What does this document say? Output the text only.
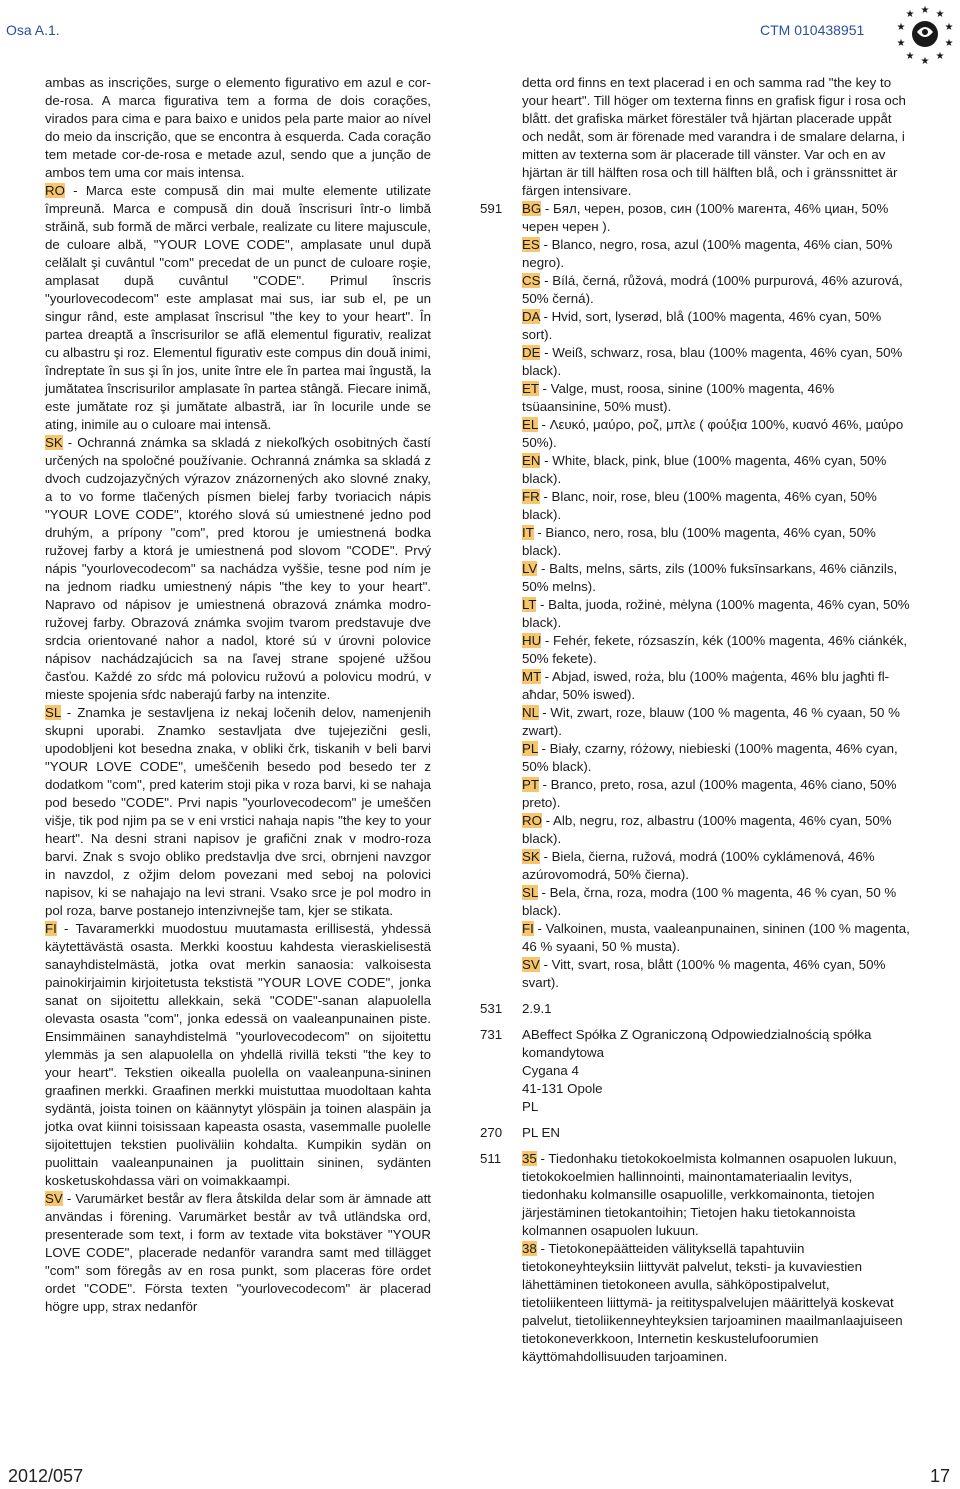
Osa A.1.	CTM 010438951
★ ★
★
★
★
★
★
★
★
★

ambas as inscrições, surge o elemento figurativo em azul e cor-de-rosa. A marca figurativa tem a forma de dois corações, virados para cima e para baixo e unidos pela parte maior ao nível do meio da inscrição, que se encontra à esquerda. Cada coração tem metade cor-de-rosa e metade azul, sendo que a junção de ambos tem uma cor mais intensa.

RO - Marca este compusă din mai multe elemente utilizate împreună. Marca e compusă din două înscrisuri într-o limbă străină, sub formă de mărci verbale, realizate cu litere majuscule, de culoare albă, "YOUR LOVE CODE", amplasate unul după celălalt şi cuvântul "com" precedat de un punct de culoare roşie, amplasat după cuvântul "CODE". Primul înscris "yourlovecodecom" este amplasat mai sus, iar sub el, pe un singur rând, este amplasat înscrisul "the key to your heart". În partea dreaptă a înscrisurilor se află elementul figurativ, realizat cu albastru şi roz. Elementul figurativ este compus din două inimi, îndreptate în sus şi în jos, unite între ele în partea mai îngustă, la jumătatea înscrisurilor amplasate în partea stângă. Fiecare inimă, este jumătate roz şi jumătate albastră, iar în locurile unde se ating, inimile au o culoare mai intensă.

SK - Ochranná známka sa skladá z niekoľkých osobitných častí určených na spoločné používanie. Ochranná známka sa skladá z dvoch cudzojazyčných výrazov znázornených ako slovné znaky, a to vo forme tlačených písmen bielej farby tvoriacich nápis "YOUR LOVE CODE", ktorého slová sú umiestnené jedno pod druhým, a prípony "com", pred ktorou je umiestnená bodka ružovej farby a ktorá je umiestnená pod slovom "CODE". Prvý nápis "yourlovecodecom" sa nachádza vyššie, tesne pod ním je na jednom riadku umiestnený nápis "the key to your heart". Napravo od nápisov je umiestnená obrazová známka modro-ružovej farby. Obrazová známka svojim tvarom predstavuje dve srdcia orientované nahor a nadol, ktoré sú v úrovni polovice nápisov nachádzajúcich sa na ľavej strane spojené užšou časťou. Každé zo sŕdc má polovicu ružovú a polovicu modrú, v mieste spojenia sŕdc naberajú farby na intenzite.

SL - Znamka je sestavljena iz nekaj ločenih delov, namenjenih skupni uporabi. Znamko sestavljata dve tujejezični gesli, upodobljeni kot besedna znaka, v obliki črk, tiskanih v beli barvi "YOUR LOVE CODE", umeščenih besedo pod besedo ter z dodatkom "com", pred katerim stoji pika v roza barvi, ki se nahaja pod besedo "CODE". Prvi napis "yourlovecodecom" je umeščen višje, tik pod njim pa se v eni vrstici nahaja napis "the key to your heart". Na desni strani napisov je grafični znak v modro-roza barvi. Znak s svojo obliko predstavlja dve srci, obrnjeni navzgor in navzdol, z ožjim delom povezani med seboj na polovici napisov, ki se nahajajo na levi strani. Vsako srce je pol modro in pol roza, barve postanejo intenzivnejše tam, kjer se stikata.

FI - Tavaramerkki muodostuu muutamasta erillisestä, yhdessä käytettävästä osasta. Merkki koostuu kahdesta vieraskielisestä sanayhdistelmästä, jotka ovat merkin sanaosia: valkoisesta painokirjaimin kirjoitetusta tekstistä "YOUR LOVE CODE", jonka sanat on sijoitettu allekkain, sekä "CODE"-sanan alapuolella olevasta osasta "com", jonka edessä on vaaleanpunainen piste. Ensimmäinen sanayhdistelmä "yourlovecodecom" on sijoitettu ylemmäs ja sen alapuolella on yhdellä rivillä teksti "the key to your heart". Tekstien oikealla puolella on vaaleanpuna-sininen graafinen merkki. Graafinen merkki muistuttaa muodoltaan kahta sydäntä, joista toinen on käännytyt ylöspäin ja toinen alaspäin ja jotka ovat kiinni toisissaan kapeasta osasta, vasemmalle puolelle sijoitettujen tekstien puoliväliin kohdalta. Kumpikin sydän on puolittain vaaleanpunainen ja puolittain sininen, sydänten kosketuskohdassa väri on voimakkaampi.

SV - Varumärket består av flera åtskilda delar som är ämnade att användas i förening. Varumärket består av två utländska ord, presenterade som text, i form av textade vita bokstäver "YOUR LOVE CODE", placerade nedanför varandra samt med tillägget "com" som föregås av en rosa punkt, som placeras före ordet ordet "CODE". Första texten "yourlovecodecom" är placerad högre upp, strax nedanför

detta ord finns en text placerad i en och samma rad "the key to your heart". Till höger om texterna finns en grafisk figur i rosa och blått. det grafiska märket förestäler två hjärtan placerade uppåt och nedåt, som är förenade med varandra i de smalare delarna, i mitten av texterna som är placerade till vänster. Var och en av hjärtan är till hälften rosa och till hälften blå, och i gränssnittet är färgen intensivare.

591	BG - Бял, черен, розов, син (100% магента, 46% циан, 50% черен черен ).

ES - Blanco, negro, rosa, azul (100% magenta, 46% cian, 50% negro).

CS - Bílá, černá, růžová, modrá (100% purpurová, 46% azurová, 50% černá).

DA - Hvid, sort, lyserød, blå (100% magenta, 46% cyan, 50% sort).

DE - Weiß, schwarz, rosa, blau (100% magenta, 46% cyan, 50% black).

ET - Valge, must, roosa, sinine (100% magenta, 46% tsüaansinine, 50% must).

EL - Λευκό, μαύρο, ροζ, μπλε ( φούξια 100%, κυανό 46%, μαύρο 50%).

EN - White, black, pink, blue (100% magenta, 46% cyan, 50% black).

FR - Blanc, noir, rose, bleu (100% magenta, 46% cyan, 50% black).

IT - Bianco, nero, rosa, blu (100% magenta, 46% cyan, 50% black).

LV - Balts, melns, sārts, zils (100% fuksīnsarkans, 46% ciānzils, 50% melns).

LT - Balta, juoda, rožinė, mėlyna (100% magenta, 46% cyan, 50% black).

HU - Fehér, fekete, rózsaszín, kék (100% magenta, 46% ciánkék, 50% fekete).

MT - Abjad, iswed, roża, blu (100% maġenta, 46% blu jagħti fl-aħdar, 50% iswed).

NL - Wit, zwart, roze, blauw (100 % magenta, 46 % cyaan, 50 % zwart).

PL - Biały, czarny, różowy, niebieski (100% magenta, 46% cyan, 50% black).

PT - Branco, preto, rosa, azul (100% magenta, 46% ciano, 50% preto).

RO - Alb, negru, roz, albastru (100% magenta, 46% cyan, 50% black).

SK - Biela, čierna, ružová, modrá (100% cyklámenová, 46% azúrovomodrá, 50% čierna).

SL - Bela, črna, roza, modra (100 % magenta, 46 % cyan, 50 % black).

FI - Valkoinen, musta, vaaleanpunainen, sininen (100 % magenta, 46 % syaani, 50 % musta).

SV - Vitt, svart, rosa, blått (100% % magenta, 46% cyan, 50% svart).

531	2.9.1

731	ABeffect Spółka Z Ograniczoną Odpowiedzialnością spółka komandytowa

Cygana 4

41-131 Opole

PL

270	PL EN

511	35 - Tiedonhaku tietokokoelmista kolmannen osapuolen lukuun, tietokokoelmien hallinnointi, mainontamateriaalin levitys, tiedonhaku kolmansille osapuolille, verkkomainonta, tietojen järjestäminen tietokantoihin; Tietojen haku tietokannoista kolmannen osapuolen lukuun.

38 - Tietokonepäätteiden välityksellä tapahtuviin tietokoneyhteyksiin liittyvät palvelut, teksti- ja kuvaviestien lähettäminen tietokoneen avulla, sähköpostipalvelut, tietoliikenteen liittymä- ja reitityspalvelujen määrittelyä koskevat palvelut, tietoliikenneyhteyksien tarjoaminen maailmanlaajuiseen tietokoneverkkoon, Internetin keskustelufoorumien käyttömahdollisuuden tarjoaminen.

2012/057	17
